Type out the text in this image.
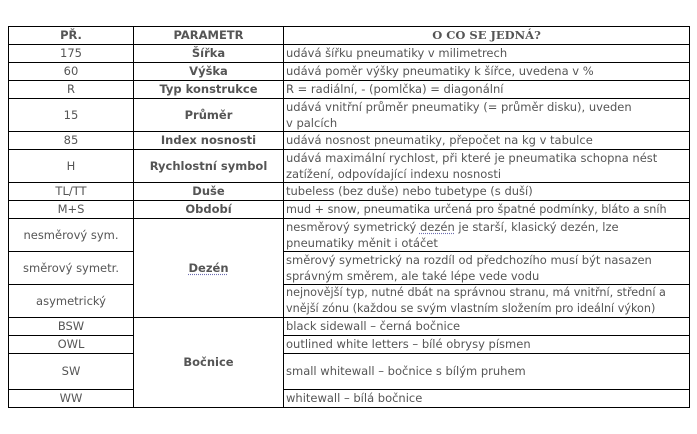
PŘ.	PARAMETR	O CO SE JEDNÁ?
175	Šířka	udává šířku pneumatiky v milimetrech
60	Výška	udává poměr výšky pneumatiky k šířce, uvedena v %
R	Typ konstrukce	R = radiální, - (pomlčka) = diagonální
15	Průměr	udává vnitřní průměr pneumatiky (= průměr disku), uveden
v palcích
85	Index nosnosti	udává nosnost pneumatiky, přepočet na kg v tabulce
H	Rychlostní symbol	udává maximální rychlost, při které je pneumatika schopna nést zatížení, odpovídající indexu nosnosti
TL/TT	Duše	tubeless (bez duše) nebo tubetype (s duší)
M+S	Období	mud + snow, pneumatika určená pro špatné podmínky, bláto a sníh
nesměrový sym.	Dezén	nesměrový symetrický dezén je starší, klasický dezén, lze pneumatiky měnit i otáčet
směrový symetr.		směrový symetrický na rozdíl od předchozího musí být nasazen správným směrem, ale také lépe vede vodu
asymetrický		nejnovější typ, nutné dbát na správnou stranu, má vnitřní, střední a vnější zónu (každou se svým vlastním složením pro ideální výkon)
BSW	Bočnice	black sidewall – černá bočnice
OWL		outlined white letters – bílé obrysy písmen
SW		small whitewall – bočnice s bílým pruhem
WW		whitewall – bílá bočnice
